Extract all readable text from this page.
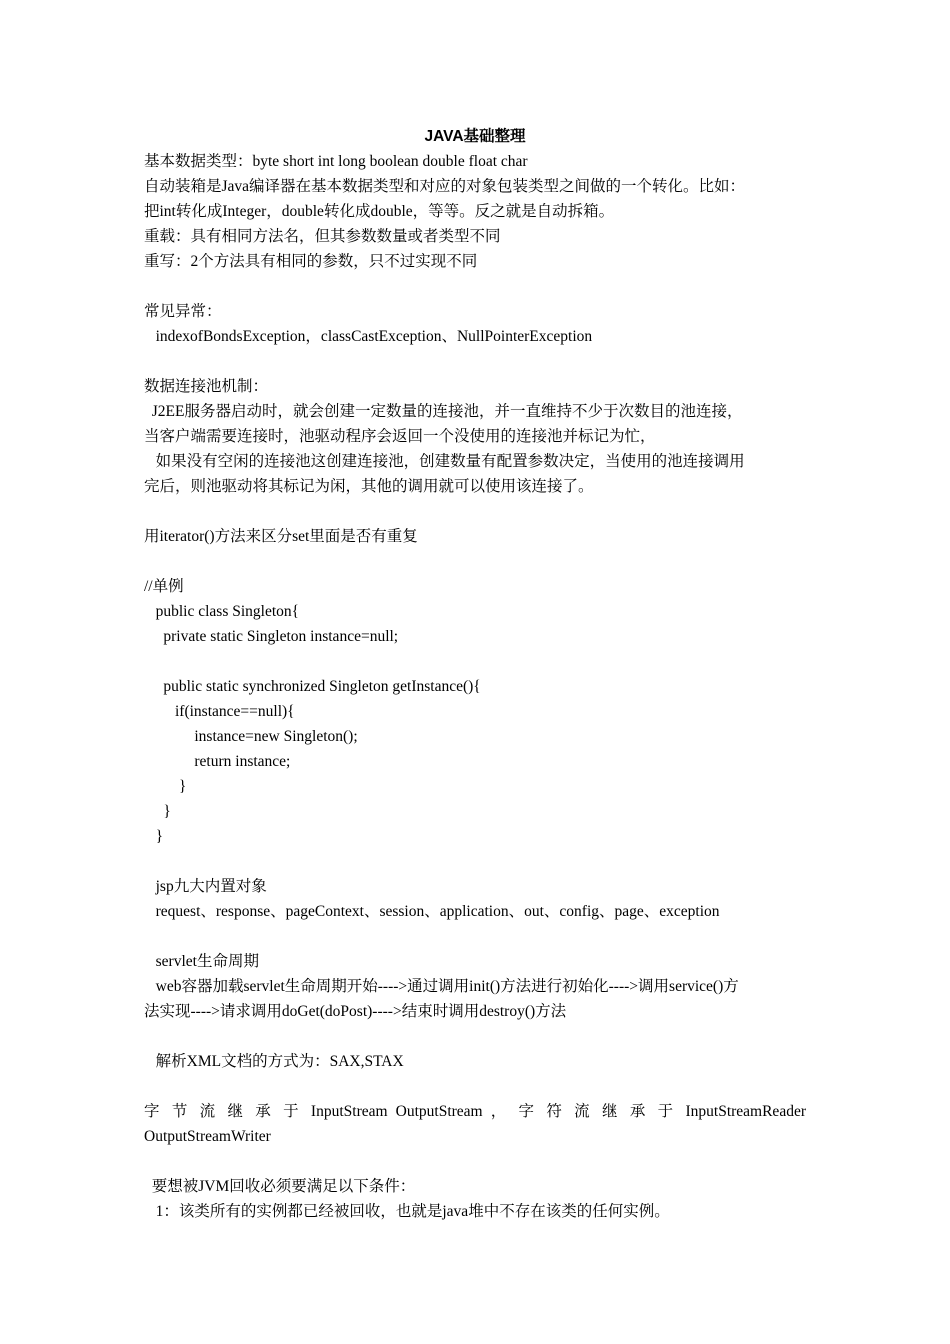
JAVA基础整理
基本数据类型：byte short int long boolean double float char
自动装箱是Java编译器在基本数据类型和对应的对象包装类型之间做的一个转化。比如：
把int转化成Integer，double转化成double，等等。反之就是自动拆箱。
重载：具有相同方法名，但其参数数量或者类型不同
重写：2个方法具有相同的参数，只不过实现不同
常见异常：
indexofBondsException，classCastException、NullPointerException
数据连接池机制：
J2EE服务器启动时，就会创建一定数量的连接池，并一直维持不少于次数目的池连接，
当客户端需要连接时，池驱动程序会返回一个没使用的连接池并标记为忙，
如果没有空闲的连接池这创建连接池，创建数量有配置参数决定，当使用的池连接调用
完后，则池驱动将其标记为闲，其他的调用就可以使用该连接了。
用iterator()方法来区分set里面是否有重复
//单例
public class Singleton{
private static Singleton instance=null;
public static synchronized Singleton getInstance(){
if(instance==null){
instance=new Singleton();
return instance;
}
}
}
jsp九大内置对象
request、response、pageContext、session、application、out、config、page、exception
servlet生命周期
web容器加载servlet生命周期开始---->通过调用init()方法进行初始化---->调用service()方
法实现---->请求调用doGet(doPost)---->结束时调用destroy()方法
解析XML文档的方式为：SAX,STAX
字 节 流 继 承 于 InputStream OutputStream ， 字 符 流 继 承 于 InputStreamReader
OutputStreamWriter
要想被JVM回收必须要满足以下条件：
1：该类所有的实例都已经被回收，也就是java堆中不存在该类的任何实例。
